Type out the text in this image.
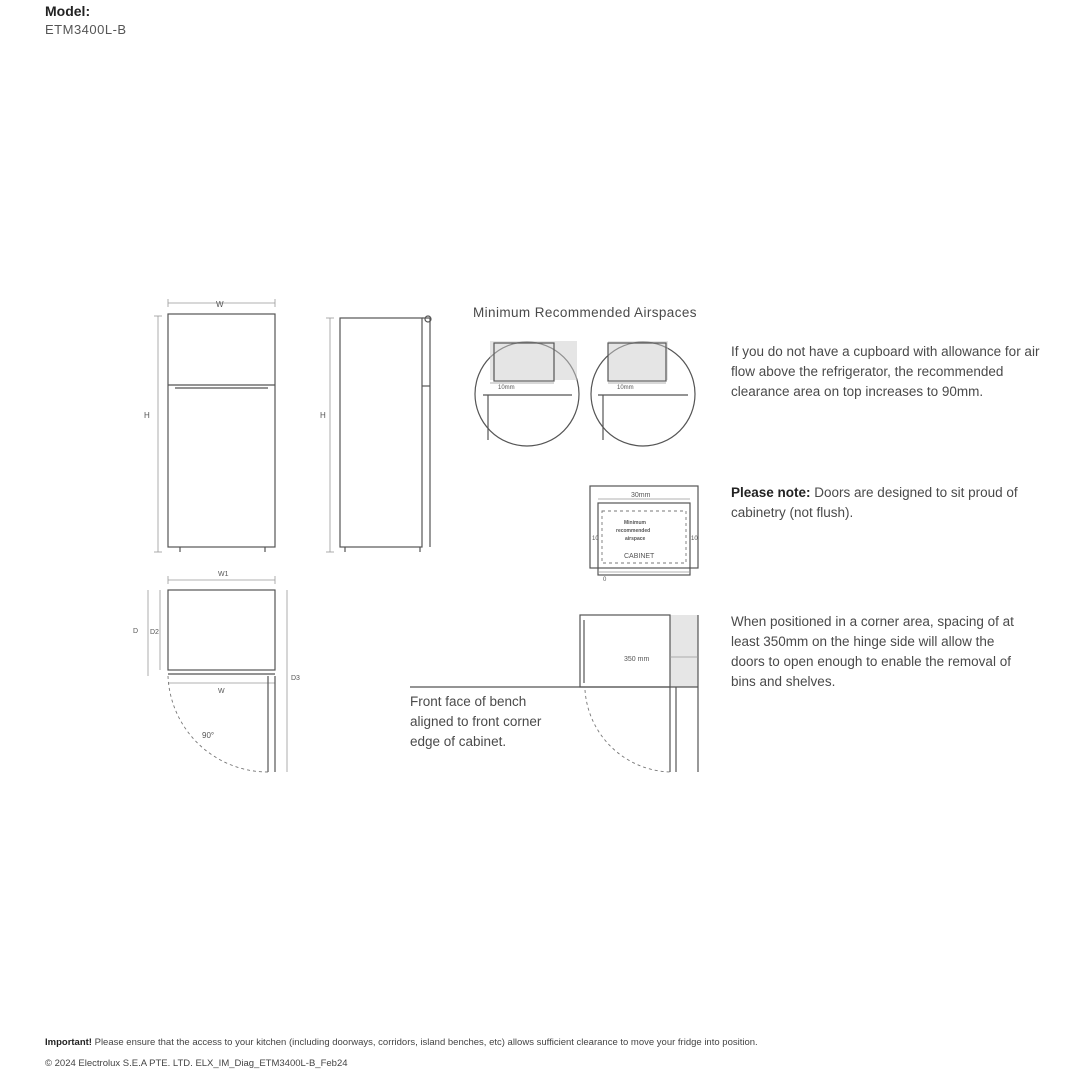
Model:
ETM3400L-B
W
H	H
W1
D D2
W
D3
90°
10mm	10mm
30mm
Minimum
recommended
airspace
CABINET
10	10
0
350 mm
Minimum Recommended Airspaces
If you do not have a cupboard with allowance for air flow above the refrigerator, the recommended clearance area on top increases to 90mm.
Please note: Doors are designed to sit proud of cabinetry (not flush).
When positioned in a corner area, spacing of at least 350mm on the hinge side will allow the doors to open enough to enable the removal of bins and shelves.
Front face of bench aligned to front corner edge of cabinet.
Important! Please ensure that the access to your kitchen (including doorways, corridors, island benches, etc) allows sufficient clearance to move your fridge into position.
© 2024 Electrolux S.E.A PTE. LTD. ELX_IM_Diag_ETM3400L-B_Feb24
